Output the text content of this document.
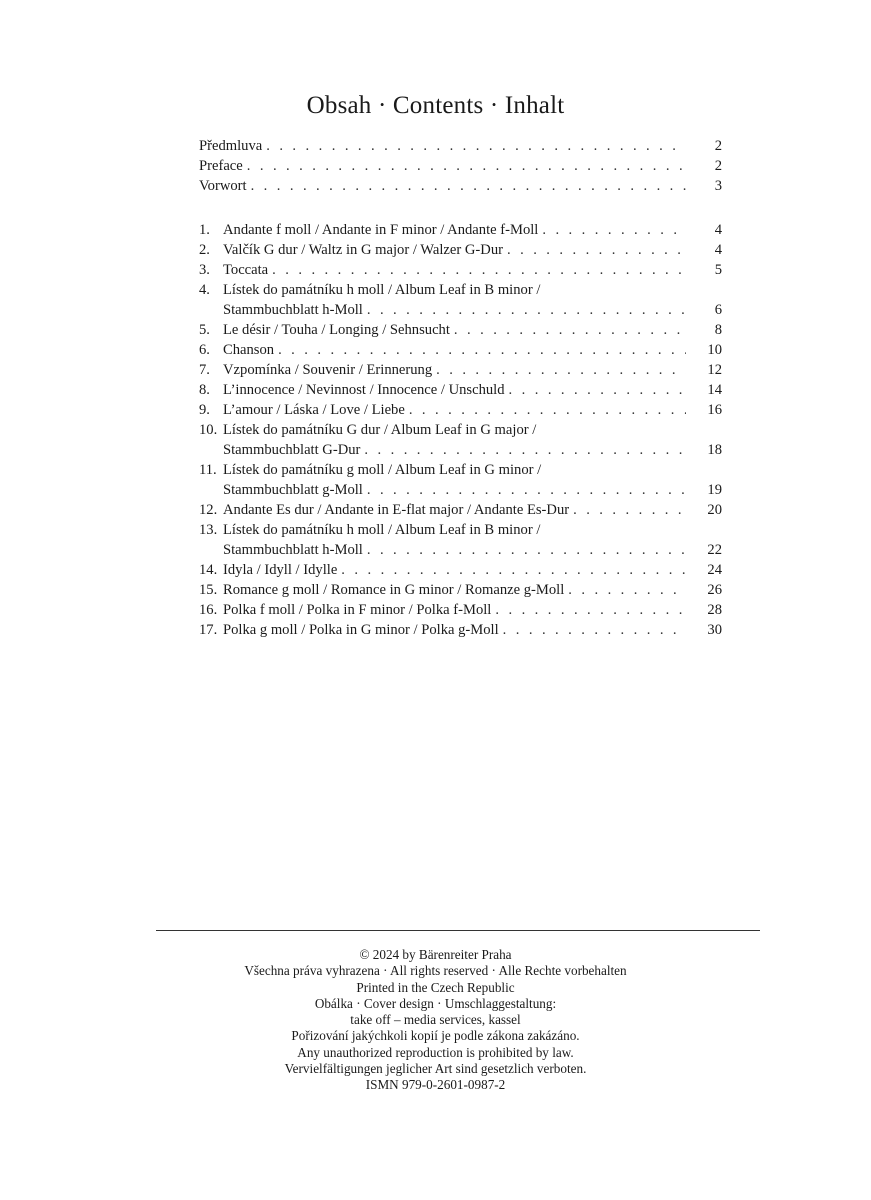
Obsah · Contents · Inhalt
Předmluva . . .	2
Preface . . .	2
Vorwort . . .	3
1. Andante f moll / Andante in F minor / Andante f-Moll . . .	4
2. Valčík G dur / Waltz in G major / Walzer G-Dur . . .	4
3. Toccata . . .	5
4. Lístek do památníku h moll / Album Leaf in B minor /
Stammbuchblatt h-Moll . . .	6
5. Le désir / Touha / Longing / Sehnsucht . . .	8
6. Chanson . . .	10
7. Vzpomínka / Souvenir / Erinnerung . . .	12
8. L’innocence / Nevinnost / Innocence / Unschuld . . .	14
9. L’amour / Láska / Love / Liebe . . .	16
10. Lístek do památníku G dur / Album Leaf in G major /
Stammbuchblatt G-Dur . . .	18
11. Lístek do památníku g moll / Album Leaf in G minor /
Stammbuchblatt g-Moll . . .	19
12. Andante Es dur / Andante in E-flat major / Andante Es-Dur . . .	20
13. Lístek do památníku h moll / Album Leaf in B minor /
Stammbuchblatt h-Moll . . .	22
14. Idyla / Idyll / Idylle . . .	24
15. Romance g moll / Romance in G minor / Romanze g-Moll . . .	26
16. Polka f moll / Polka in F minor / Polka f-Moll . . .	28
17. Polka g moll / Polka in G minor / Polka g-Moll . . .	30
© 2024 by Bärenreiter Praha
Všechna práva vyhrazena · All rights reserved · Alle Rechte vorbehalten
Printed in the Czech Republic
Obálka · Cover design · Umschlaggestaltung:
take off – media services, kassel
Pořizování jakýchkoli kopií je podle zákona zakázáno.
Any unauthorized reproduction is prohibited by law.
Vervielfältigungen jeglicher Art sind gesetzlich verboten.
ISMN 979-0-2601-0987-2
